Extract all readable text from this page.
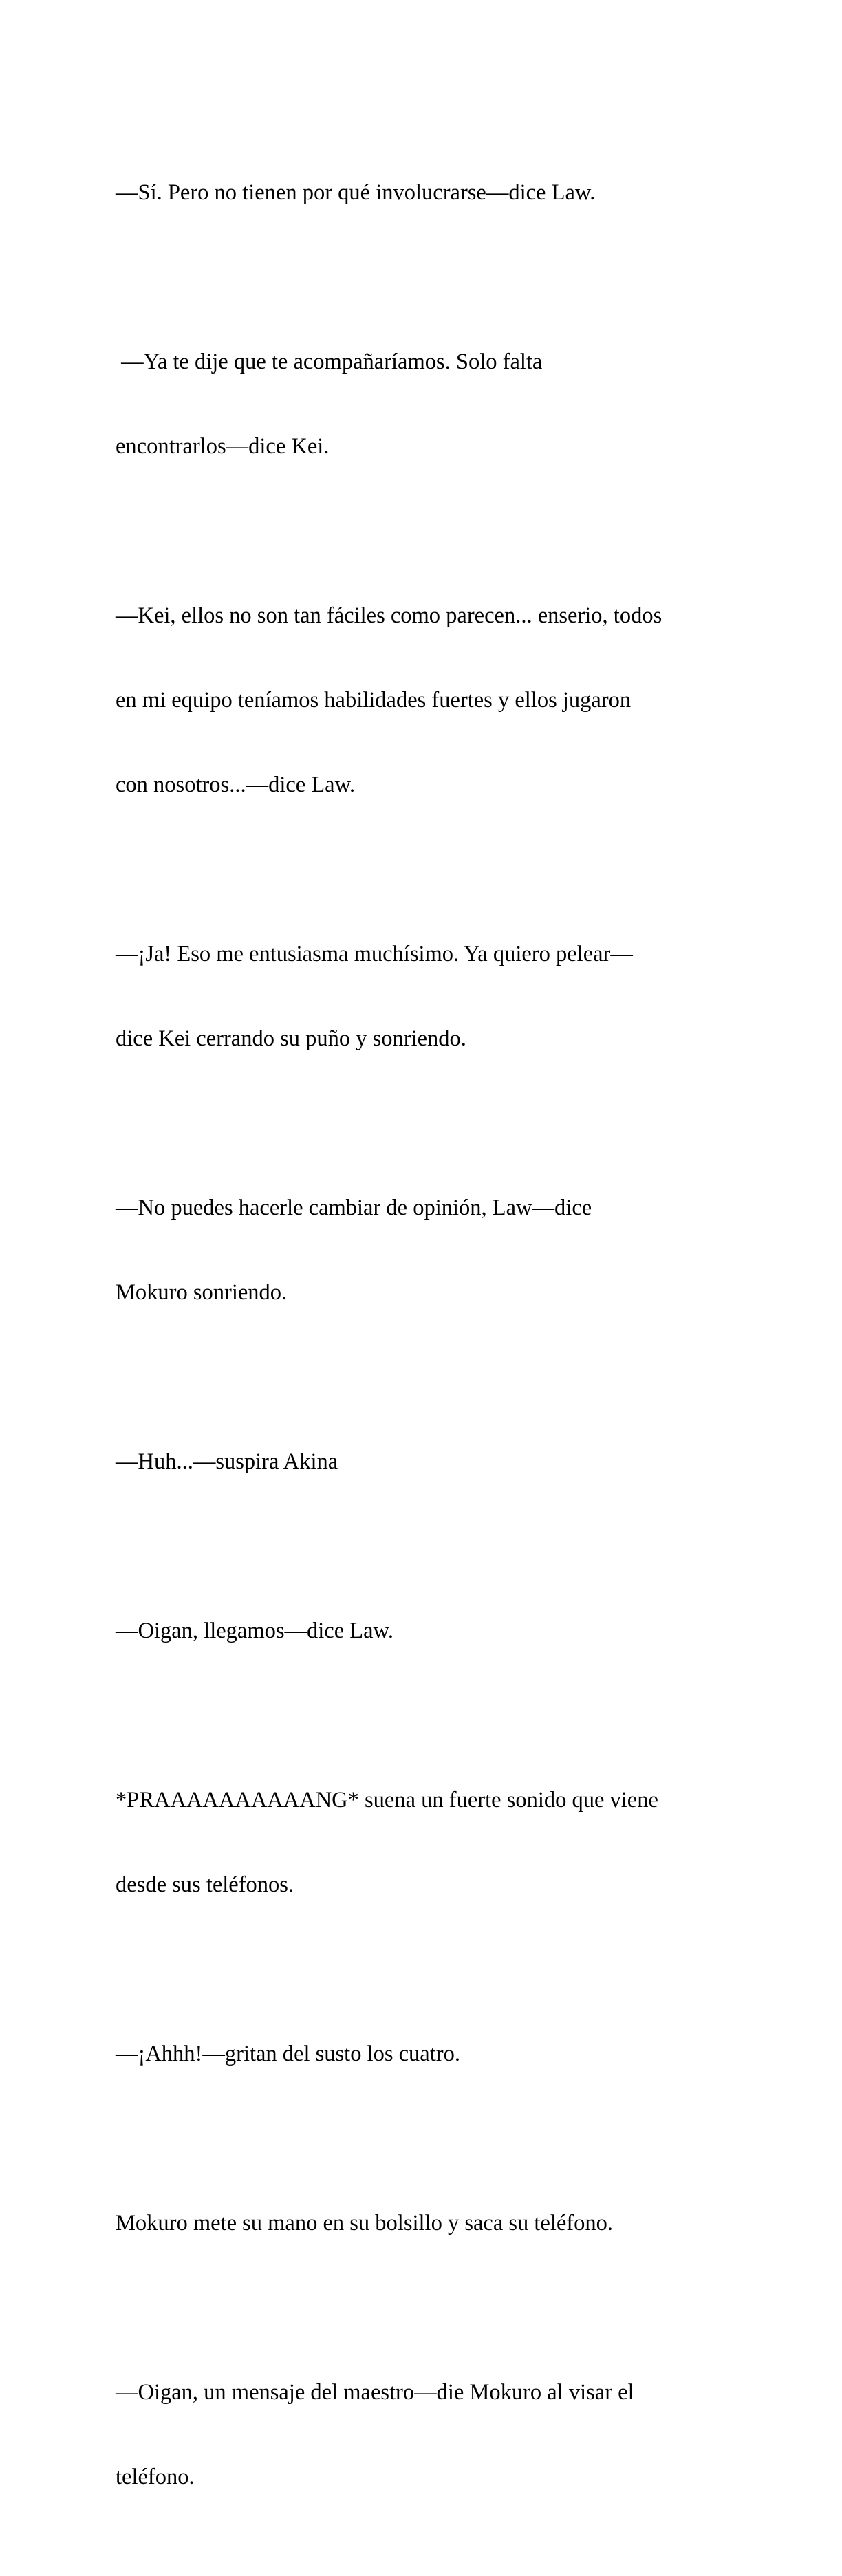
—Sí. Pero no tienen por qué involucrarse—dice Law.

—Ya te dije que te acompañaríamos. Solo falta

encontrarlos—dice Kei.

—Kei, ellos no son tan fáciles como parecen... enserio, todos

en mi equipo teníamos habilidades fuertes y ellos jugaron

con nosotros...—dice Law.

—¡Ja! Eso me entusiasma muchísimo. Ya quiero pelear—

dice Kei cerrando su puño y sonriendo.

—No puedes hacerle cambiar de opinión, Law—dice

Mokuro sonriendo.

—Huh...—suspira Akina

—Oigan, llegamos—dice Law.

*PRAAAAAAAAAANG* suena un fuerte sonido que viene

desde sus teléfonos.

—¡Ahhh!—gritan del susto los cuatro.

Mokuro mete su mano en su bolsillo y saca su teléfono.

—Oigan, un mensaje del maestro—die Mokuro al visar el

teléfono.
